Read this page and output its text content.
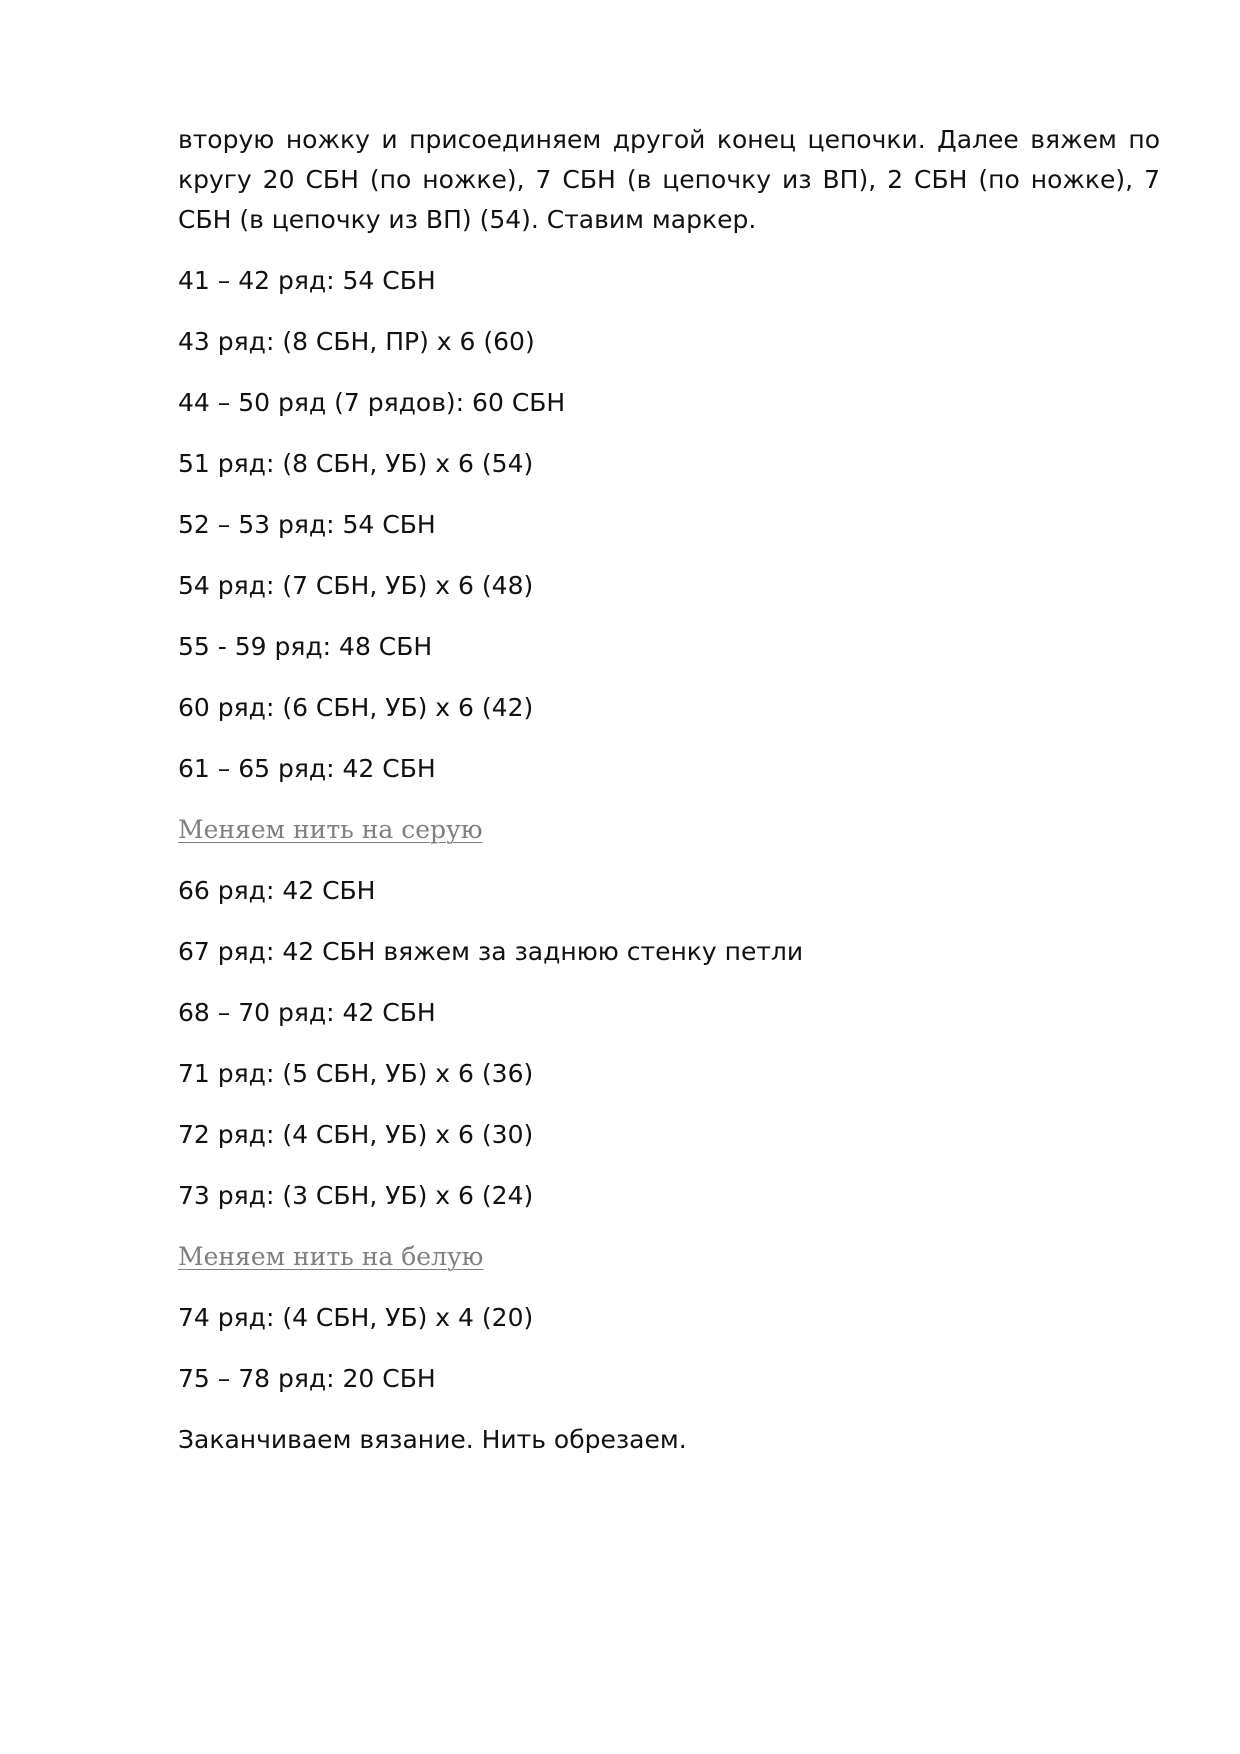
вторую ножку и присоединяем другой конец цепочки. Далее вяжем по кругу 20 СБН (по ножке), 7 СБН (в цепочку из ВП), 2 СБН (по ножке), 7 СБН (в цепочку из ВП) (54). Ставим маркер.

41 – 42 ряд: 54 СБН

43 ряд: (8 СБН, ПР) х 6 (60)

44 – 50 ряд (7 рядов): 60 СБН

51 ряд: (8 СБН, УБ) х 6 (54)

52 – 53 ряд: 54 СБН

54 ряд: (7 СБН, УБ) х 6 (48)

55 - 59 ряд: 48 СБН

60 ряд: (6 СБН, УБ) х 6 (42)

61 – 65 ряд: 42 СБН

Меняем нить на серую

66 ряд: 42 СБН

67 ряд: 42 СБН вяжем за заднюю стенку петли

68 – 70 ряд: 42 СБН

71 ряд: (5 СБН, УБ) х 6 (36)

72 ряд: (4 СБН, УБ) х 6 (30)

73 ряд: (3 СБН, УБ) х 6 (24)

Меняем нить на белую

74 ряд: (4 СБН, УБ) х 4 (20)

75 – 78 ряд: 20 СБН

Заканчиваем вязание. Нить обрезаем.
